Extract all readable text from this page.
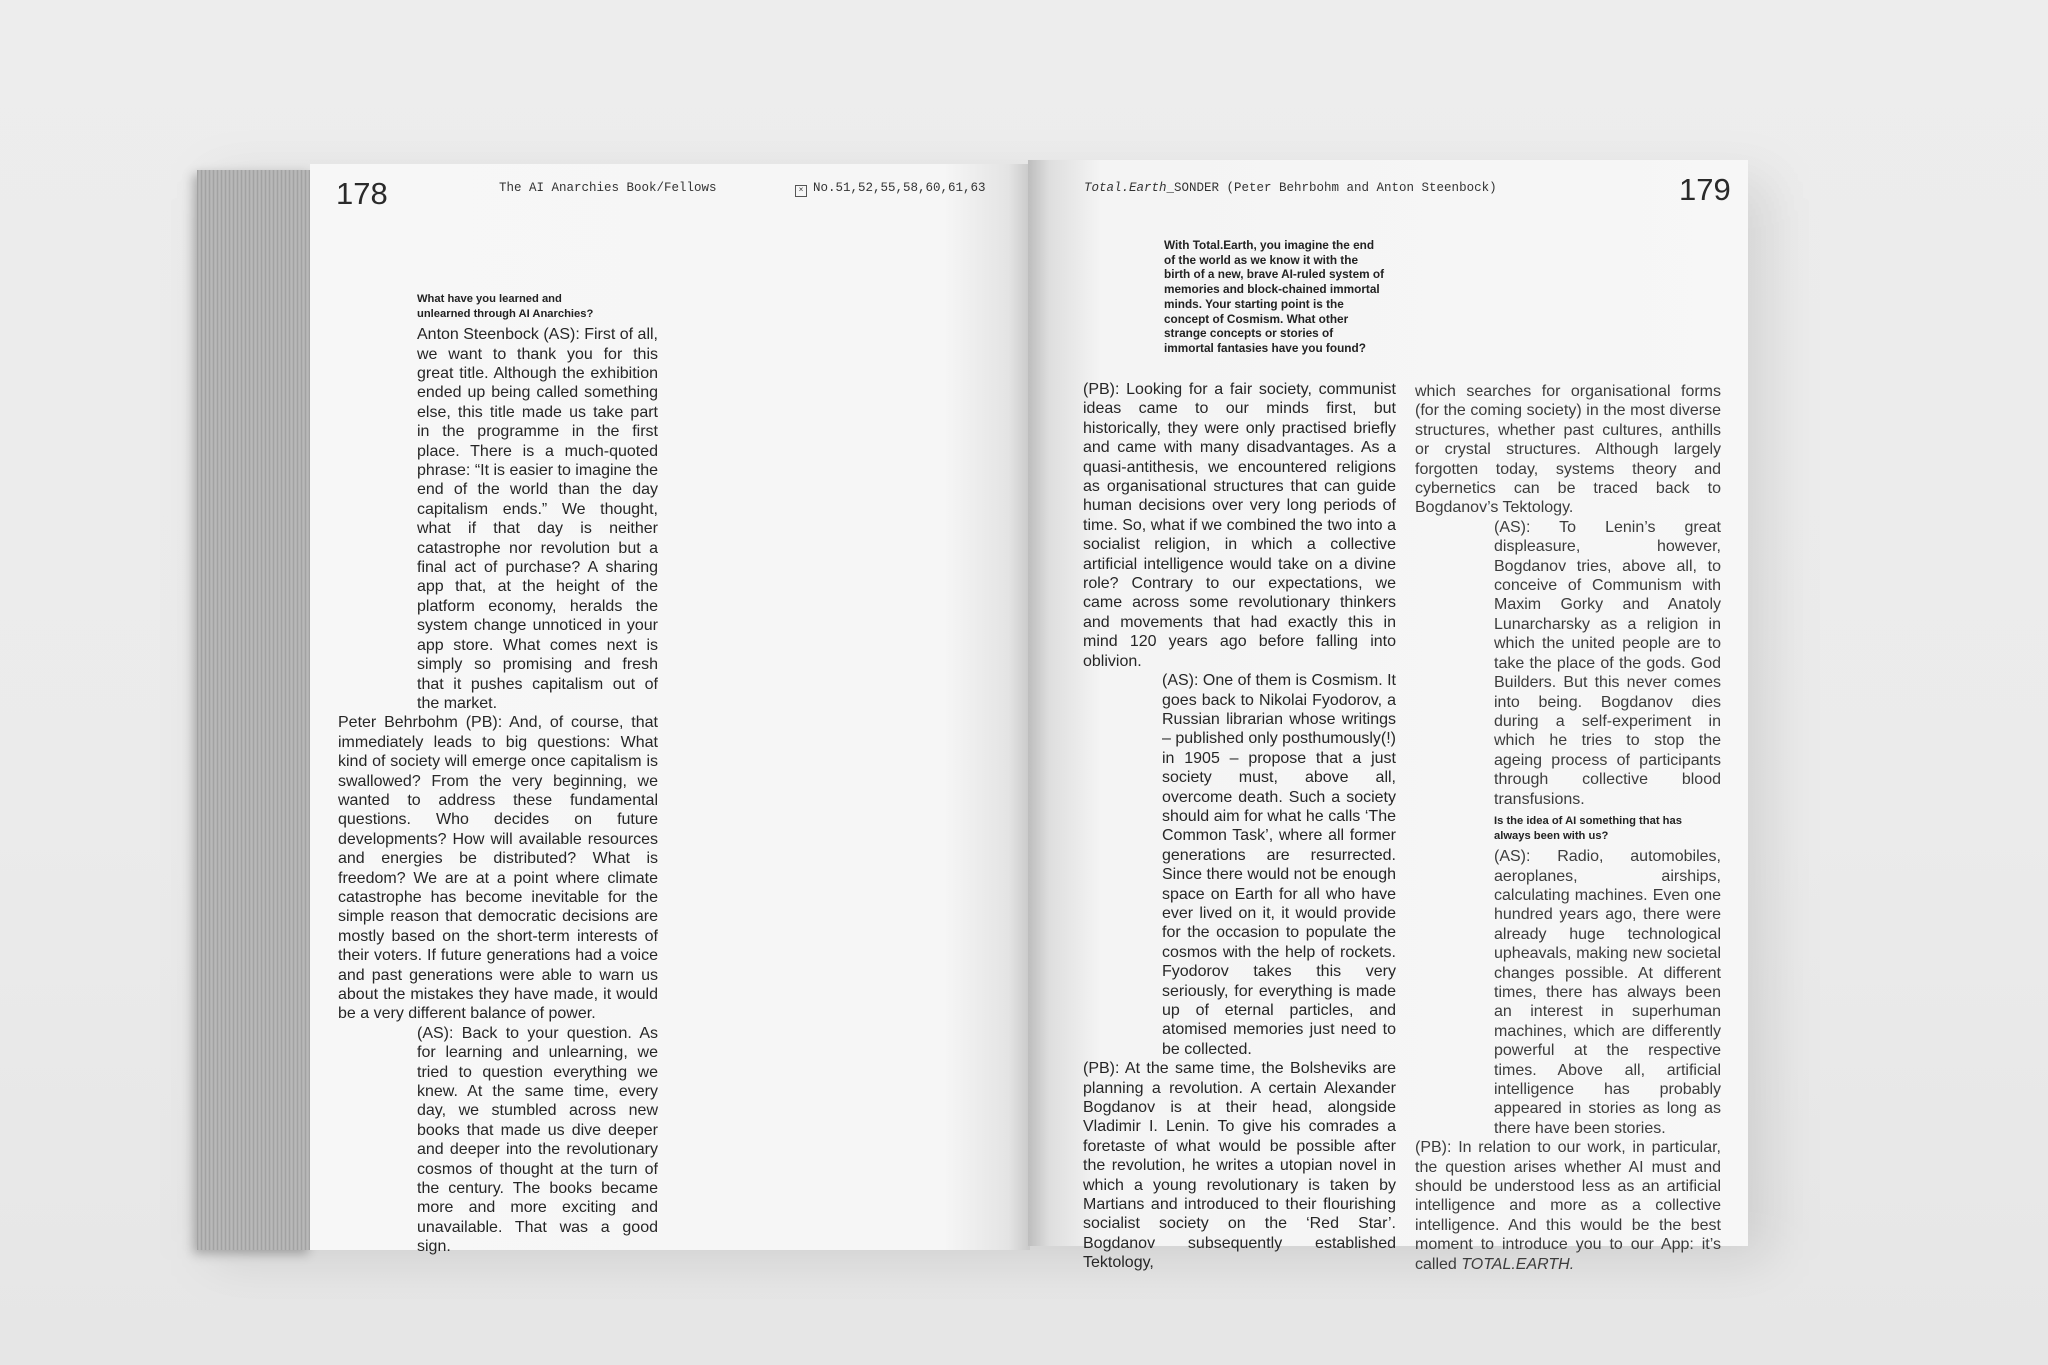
178	The AI Anarchies Book/Fellows	× No.51,52,55,58,60,61,63
What have you learned and unlearned through AI Anarchies?

Anton Steenbock (AS): First of all, we want to thank you for this great title. Although the exhibition ended up being called something else, this title made us take part in the programme in the first place. There is a much-quoted phrase: “It is easier to imagine the end of the world than the day capitalism ends.” We thought, what if that day is neither catastrophe nor revolution but a final act of purchase? A sharing app that, at the height of the platform economy, heralds the system change unnoticed in your app store. What comes next is simply so promising and fresh that it pushes capitalism out of the market.

Peter Behrbohm (PB): And, of course, that immediately leads to big questions: What kind of society will emerge once capitalism is swallowed? From the very beginning, we wanted to address these fundamental questions. Who decides on future developments? How will available resources and energies be distributed? What is freedom? We are at a point where climate catastrophe has become inevitable for the simple reason that democratic decisions are mostly based on the short-term interests of their voters. If future generations had a voice and past generations were able to warn us about the mistakes they have made, it would be a very different balance of power.

(AS): Back to your question. As for learning and unlearning, we tried to question everything we knew. At the same time, every day, we stumbled across new books that made us dive deeper and deeper into the revolutionary cosmos of thought at the turn of the century. The books became more and more exciting and unavailable. That was a good sign.

Total.Earth_SONDER (Peter Behrbohm and Anton Steenbock)	179
With Total.Earth, you imagine the end of the world as we know it with the birth of a new, brave AI-ruled system of memories and block-chained immortal minds. Your starting point is the concept of Cosmism. What other strange concepts or stories of immortal fantasies have you found?

(PB): Looking for a fair society, communist ideas came to our minds first, but historically, they were only practised briefly and came with many disadvantages. As a quasi-antithesis, we encountered religions as organisational structures that can guide human decisions over very long periods of time. So, what if we combined the two into a socialist religion, in which a collective artificial intelligence would take on a divine role? Contrary to our expectations, we came across some revolutionary thinkers and movements that had exactly this in mind 120 years ago before falling into oblivion.

(AS): One of them is Cosmism. It goes back to Nikolai Fyodorov, a Russian librarian whose writings – published only posthumously(!) in 1905 – propose that a just society must, above all, overcome death. Such a society should aim for what he calls ‘The Common Task’, where all former generations are resurrected. Since there would not be enough space on Earth for all who have ever lived on it, it would provide for the occasion to populate the cosmos with the help of rockets. Fyodorov takes this very seriously, for everything is made up of eternal particles, and atomised memories just need to be collected.

(PB): At the same time, the Bolsheviks are planning a revolution. A certain Alexander Bogdanov is at their head, alongside Vladimir I. Lenin. To give his comrades a foretaste of what would be possible after the revolution, he writes a utopian novel in which a young revolutionary is taken by Martians and introduced to their flourishing socialist society on the ‘Red Star’. Bogdanov subsequently established Tektology,

which searches for organisational forms (for the coming society) in the most diverse structures, whether past cultures, anthills or crystal structures. Although largely forgotten today, systems theory and cybernetics can be traced back to Bogdanov’s Tektology.

(AS): To Lenin’s great displeasure, however, Bogdanov tries, above all, to conceive of Communism with Maxim Gorky and Anatoly Lunarcharsky as a religion in which the united people are to take the place of the gods. God Builders. But this never comes into being. Bogdanov dies during a self-experiment in which he tries to stop the ageing process of participants through collective blood transfusions.

Is the idea of AI something that has always been with us?

(AS): Radio, automobiles, aeroplanes, airships, calculating machines. Even one hundred years ago, there were already huge technological upheavals, making new societal changes possible. At different times, there has always been an interest in superhuman machines, which are differently powerful at the respective times. Above all, artificial intelligence has probably appeared in stories as long as there have been stories.

(PB): In relation to our work, in particular, the question arises whether AI must and should be understood less as an artificial intelligence and more as a collective intelligence. And this would be the best moment to introduce you to our App: it’s called TOTAL.EARTH.
